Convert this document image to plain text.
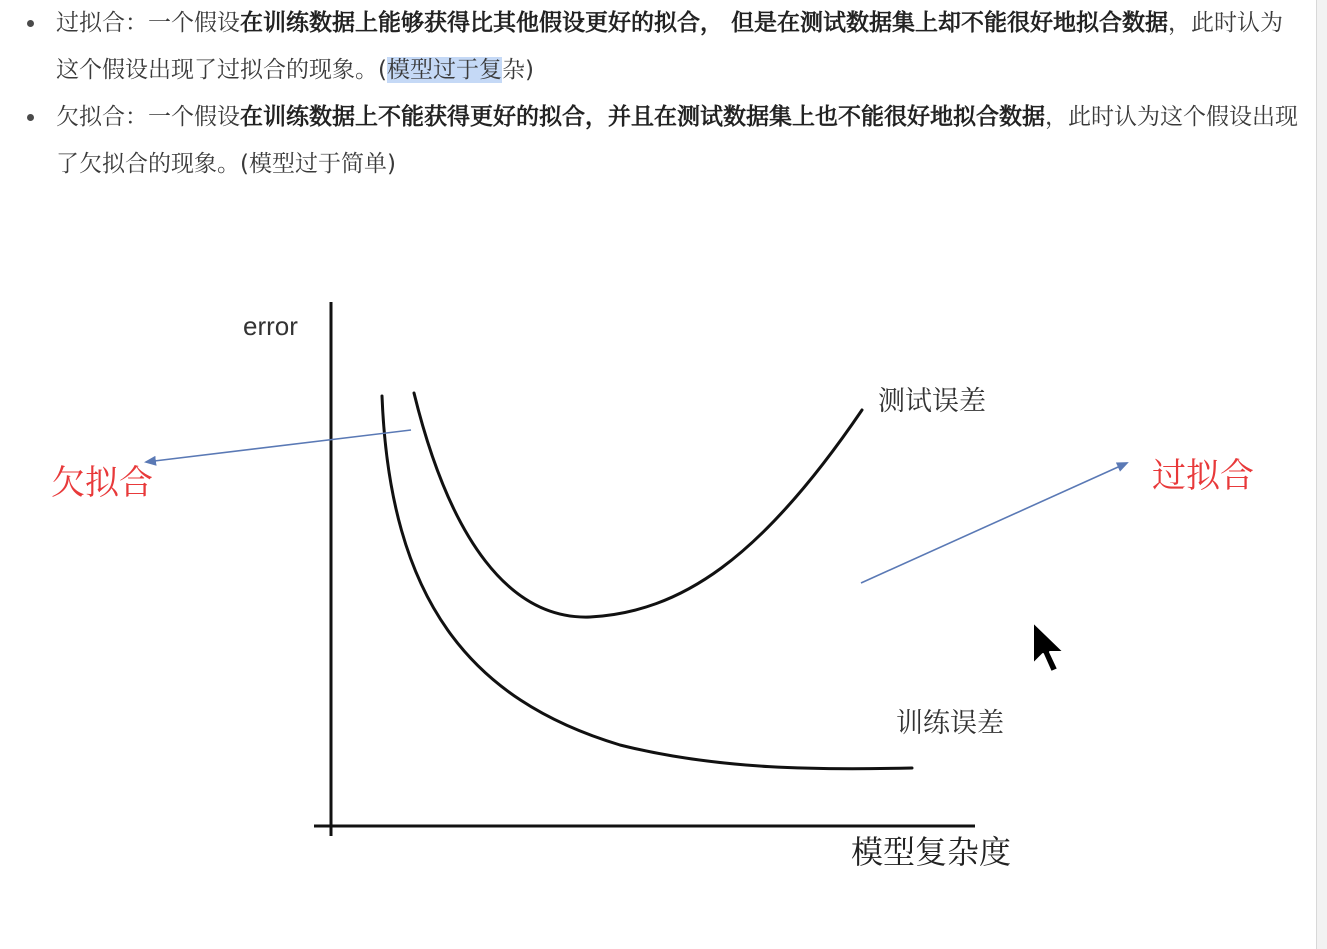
过拟合：一个假设在训练数据上能够获得比其他假设更好的拟合， 但是在测试数据集上却不能很好地拟合数据，此时认为这个假设出现了过拟合的现象。(模型过于复杂)
欠拟合：一个假设在训练数据上不能获得更好的拟合，并且在测试数据集上也不能很好地拟合数据，此时认为这个假设出现了欠拟合的现象。(模型过于简单)
error
模型复杂度
测试误差
训练误差
欠拟合	过拟合
